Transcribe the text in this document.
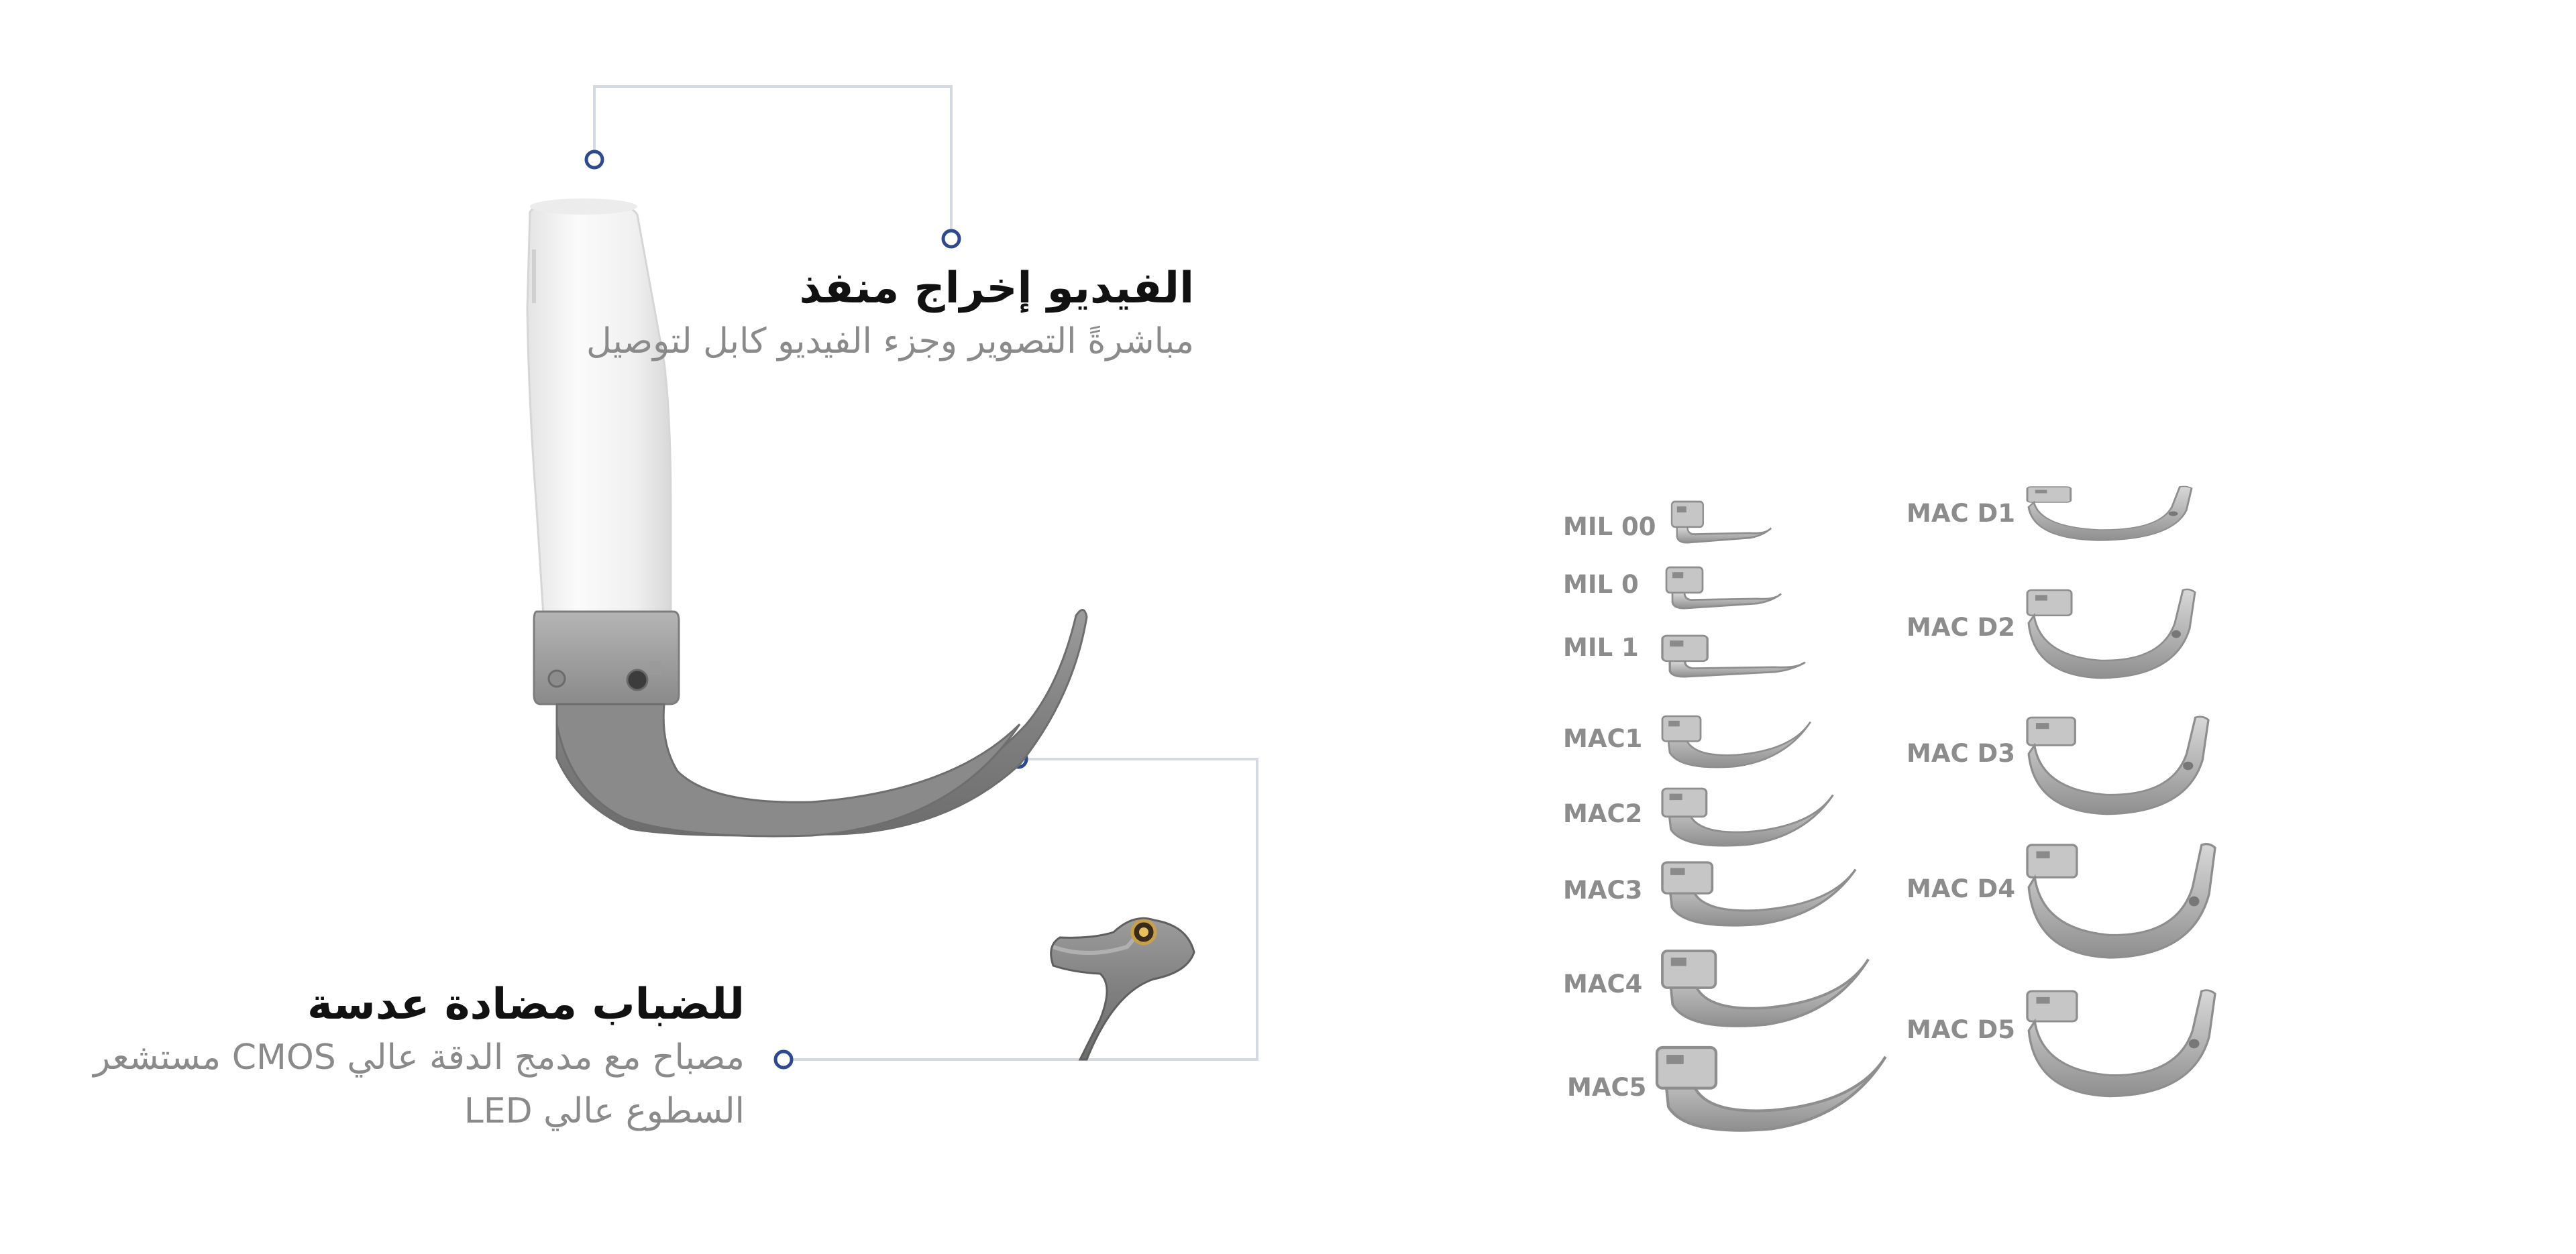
الفيديو إخراج منفذ
مباشرةً التصوير وجزء الفيديو كابل لتوصيل
للضباب مضادة عدسة
مصباح مع مدمج الدقة عالي CMOS مستشعر السطوع عالي LED
MIL 00
MIL 0
MIL 1
MAC1
MAC2
MAC3
MAC4
MAC5
MAC D1
MAC D2
MAC D3
MAC D4
MAC D5
